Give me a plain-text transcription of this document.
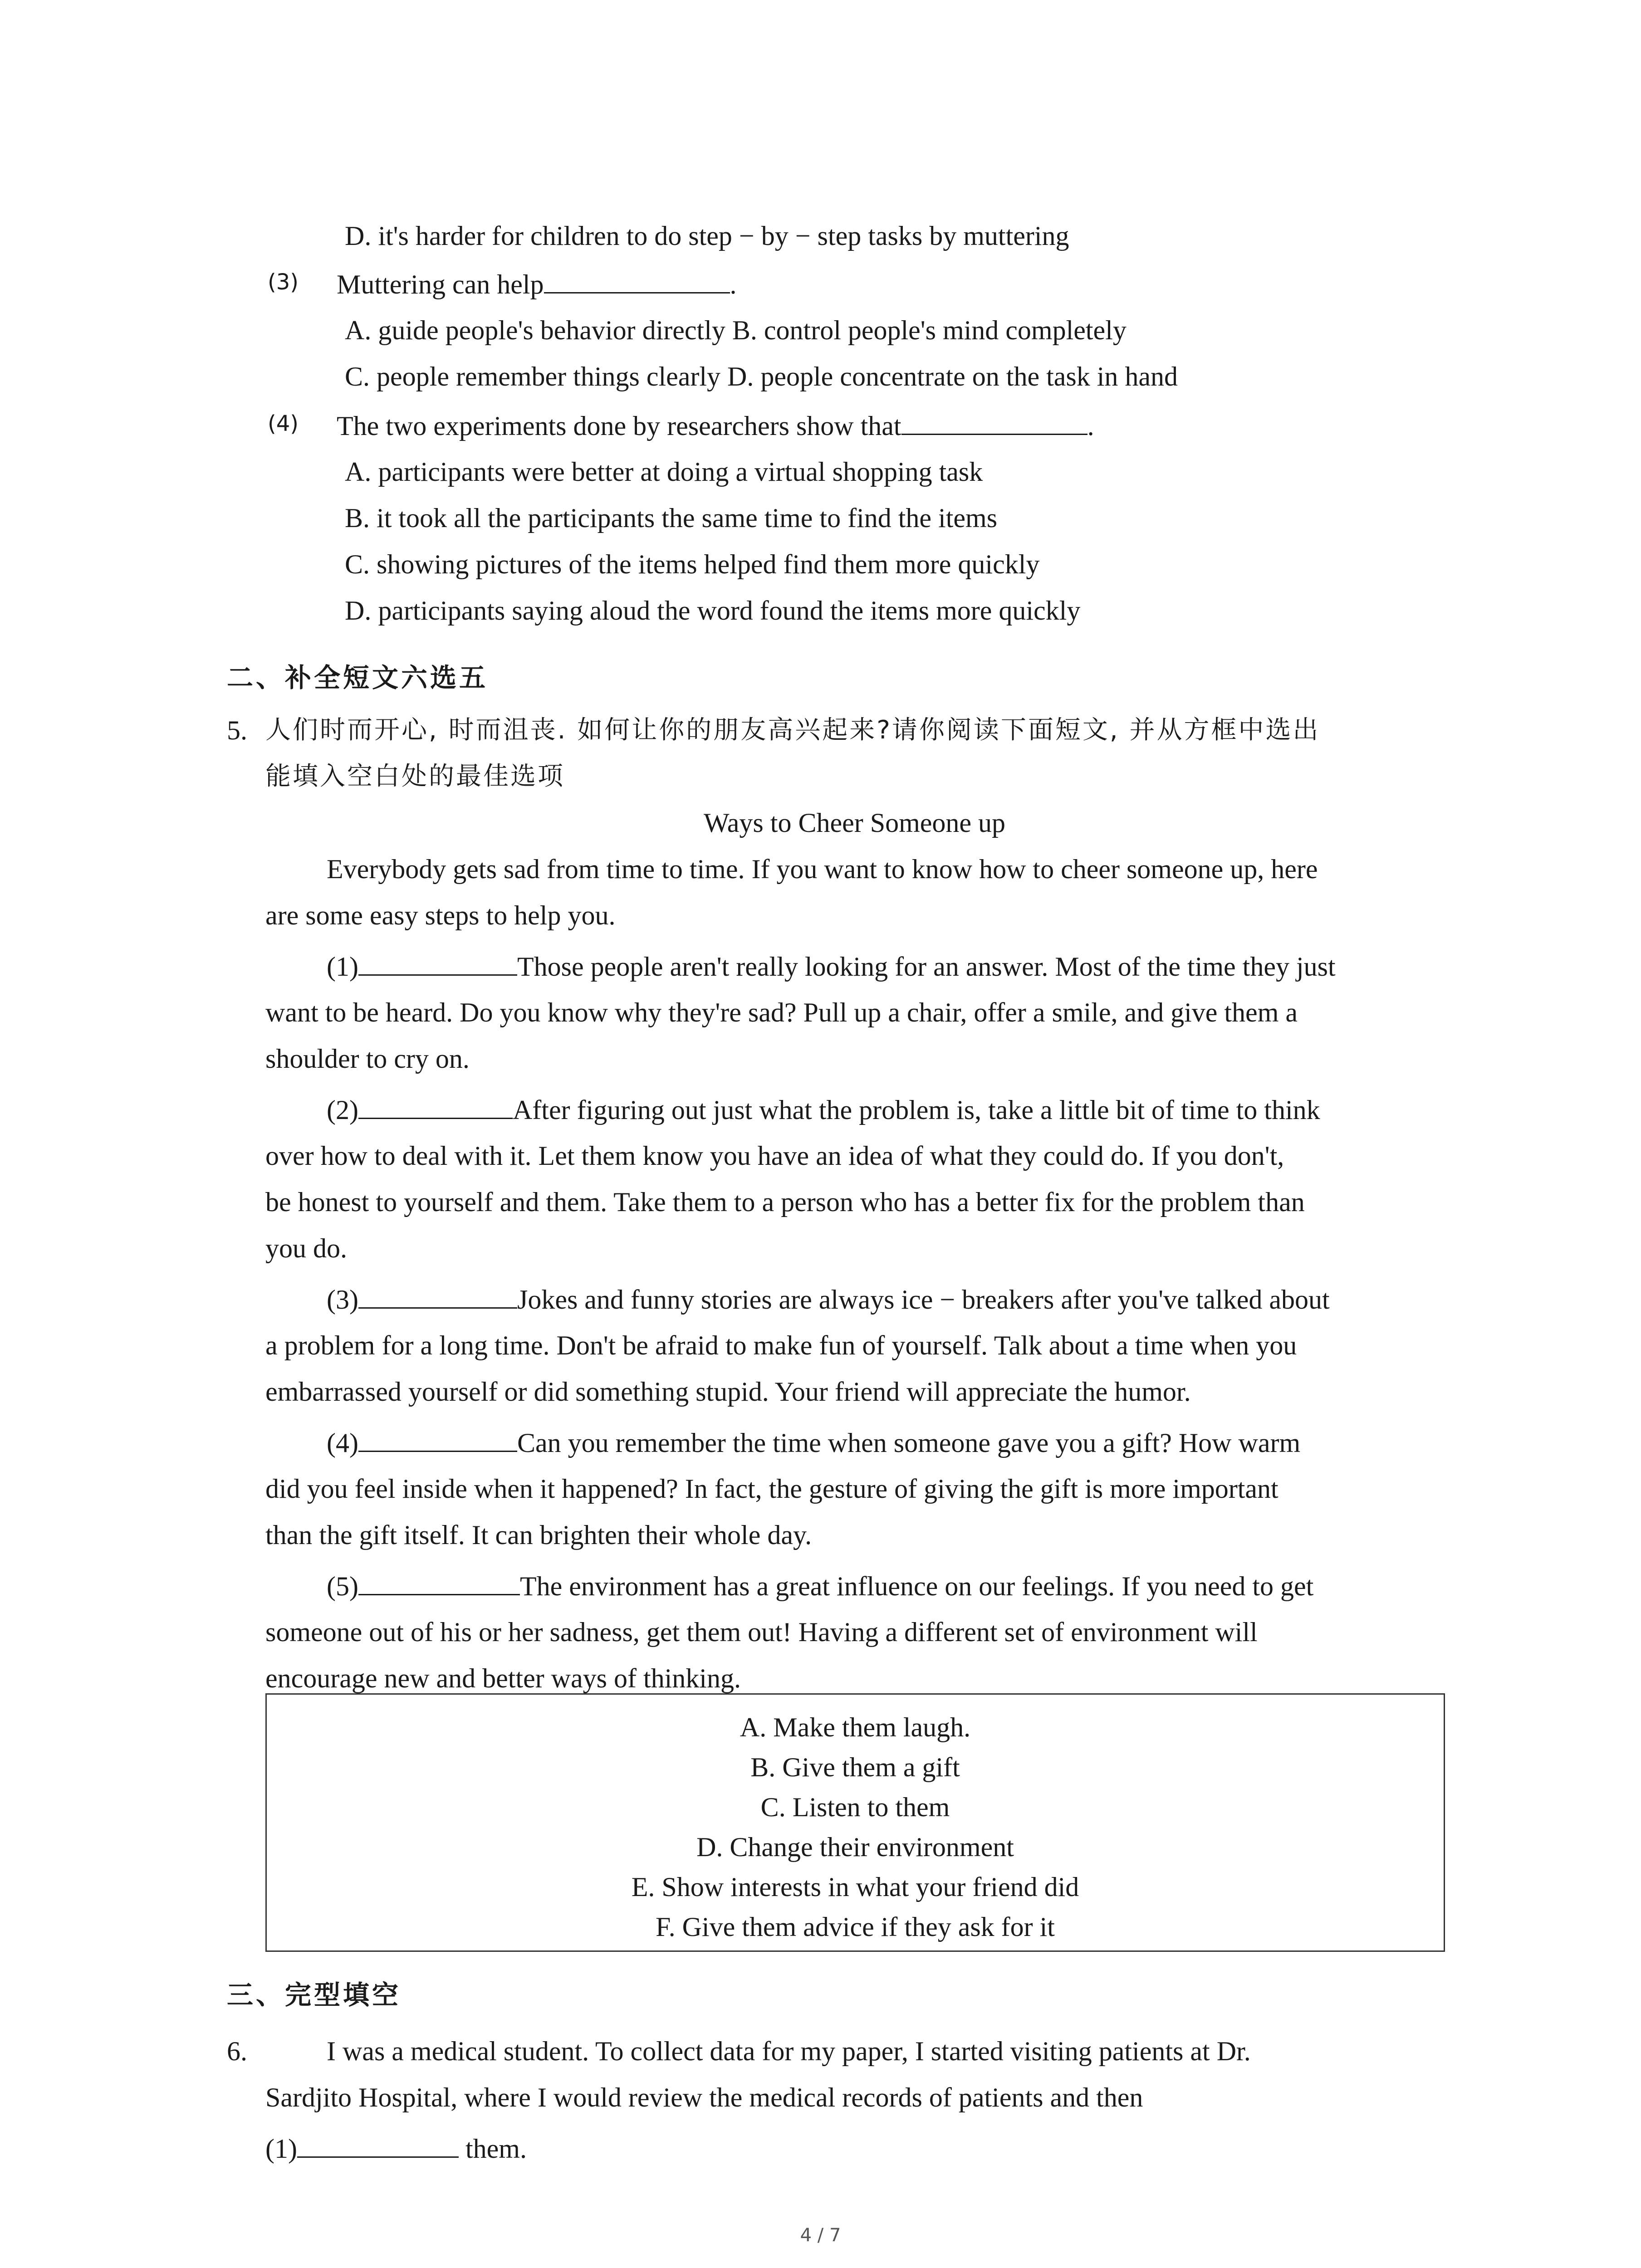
D. it's harder for children to do step − by − step tasks by muttering
(3) Muttering can help	.
A. guide people's behavior directly B. control people's mind completely
C. people remember things clearly D. people concentrate on the task in hand
(4) The two experiments done by researchers show that	.
A. participants were better at doing a virtual shopping task
B. it took all the participants the same time to find the items
C. showing pictures of the items helped find them more quickly
D. participants saying aloud the word found the items more quickly
二、补全短文六选五
5. 人们时而开心, 时而沮丧. 如何让你的朋友高兴起来?请你阅读下面短文, 并从方框中选出
能填入空白处的最佳选项
Ways to Cheer Someone up
Everybody gets sad from time to time. If you want to know how to cheer someone up, here
are some easy steps to help you.
(1)	Those people aren't really looking for an answer. Most of the time they just
want to be heard. Do you know why they're sad? Pull up a chair, offer a smile, and give them a
shoulder to cry on.
(2)	After figuring out just what the problem is, take a little bit of time to think
over how to deal with it. Let them know you have an idea of what they could do. If you don't,
be honest to yourself and them. Take them to a person who has a better fix for the problem than
you do.
(3)	Jokes and funny stories are always ice − breakers after you've talked about
a problem for a long time. Don't be afraid to make fun of yourself. Talk about a time when you
embarrassed yourself or did something stupid. Your friend will appreciate the humor.
(4)	Can you remember the time when someone gave you a gift? How warm
did you feel inside when it happened? In fact, the gesture of giving the gift is more important
than the gift itself. It can brighten their whole day.
(5)	The environment has a great influence on our feelings. If you need to get
someone out of his or her sadness, get them out! Having a different set of environment will
encourage new and better ways of thinking.
A. Make them laugh.
B. Give them a gift
C. Listen to them
D. Change their environment
E. Show interests in what your friend did
F. Give them advice if they ask for it
三、完型填空
6.	I was a medical student. To collect data for my paper, I started visiting patients at Dr.
Sardjito Hospital, where I would review the medical records of patients and then
(1)	them.
4 / 7
